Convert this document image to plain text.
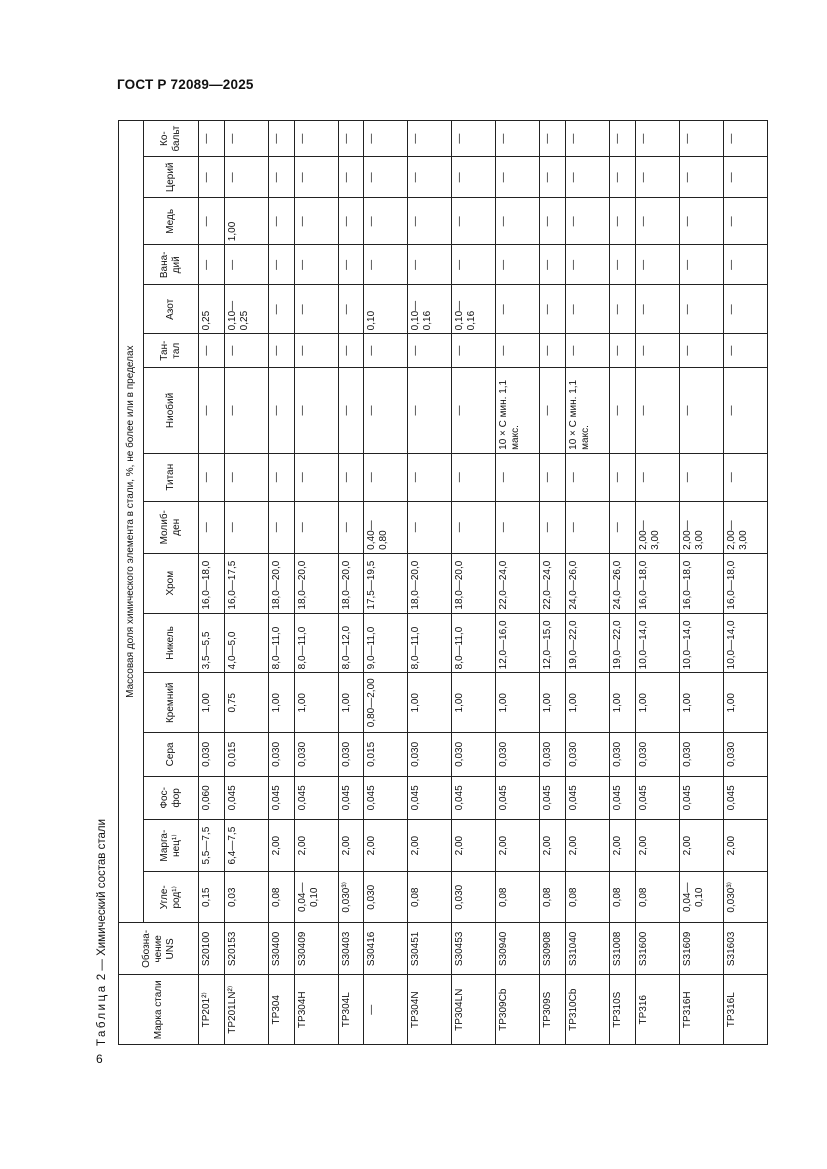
ГОСТ Р 72089—2025
6
Таблица 2 — Химический состав стали
Марка стали	Обозна-чение UNS	Массовая доля химического элемента в стали, %, не более или в пределах															
		Угле-род¹⁾	Марга-нец¹⁾	Фос-фор	Сера	Кремний	Никель	Хром	Молиб-ден	Титан	Ниобий	Тан-тал	Азот	Вана-дий	Медь	Церий	Ко-бальт
TP201²⁾	S20100	0,15	5,5—7,5	0,060	0,030	1,00	3,5—5,5	16,0—18,0	—	—	—	—	0,25	—	—	—	—
TP201LN²⁾	S20153	0,03	6,4—7,5	0,045	0,015	0,75	4,0—5,0	16,0—17,5	—	—	—	—	0,10—0,25	—	1,00	—	—
TP304	S30400	0,08	2,00	0,045	0,030	1,00	8,0—11,0	18,0—20,0	—	—	—	—	—	—	—	—	—
TP304H	S30409	0,04—0,10	2,00	0,045	0,030	1,00	8,0—11,0	18,0—20,0	—	—	—	—	—	—	—	—	—
TP304L	S30403	0,030³⁾	2,00	0,045	0,030	1,00	8,0—12,0	18,0—20,0	—	—	—	—	—	—	—	—	—
—	S30416	0,030	2,00	0,045	0,015	0,80—2,00	9,0—11,0	17,5—19,5	0,40—0,80	—	—	—	0,10	—	—	—	—
TP304N	S30451	0,08	2,00	0,045	0,030	1,00	8,0—11,0	18,0—20,0	—	—	—	—	0,10—0,16	—	—	—	—
TP304LN	S30453	0,030	2,00	0,045	0,030	1,00	8,0—11,0	18,0—20,0	—	—	—	—	0,10—0,16	—	—	—	—
TP309Cb	S30940	0,08	2,00	0,045	0,030	1,00	12,0—16,0	22,0—24,0	—	—	10 × С мин. 1,1 макс.	—	—	—	—	—	—
TP309S	S30908	0,08	2,00	0,045	0,030	1,00	12,0—15,0	22,0—24,0	—	—	—	—	—	—	—	—	—
TP310Cb	S31040	0,08	2,00	0,045	0,030	1,00	19,0—22,0	24,0—26,0	—	—	10 × С мин. 1,1 макс.	—	—	—	—	—	—
TP310S	S31008	0,08	2,00	0,045	0,030	1,00	19,0—22,0	24,0—26,0	—	—	—	—	—	—	—	—	—
TP316	S31600	0,08	2,00	0,045	0,030	1,00	10,0—14,0	16,0—18,0	2,00—3,00	—	—	—	—	—	—	—	—
TP316H	S31609	0,04—0,10	2,00	0,045	0,030	1,00	10,0—14,0	16,0—18,0	2,00—3,00	—	—	—	—	—	—	—	—
TP316L	S31603	0,030³⁾	2,00	0,045	0,030	1,00	10,0—14,0	16,0—18,0	2,00—3,00	—	—	—	—	—	—	—	—
